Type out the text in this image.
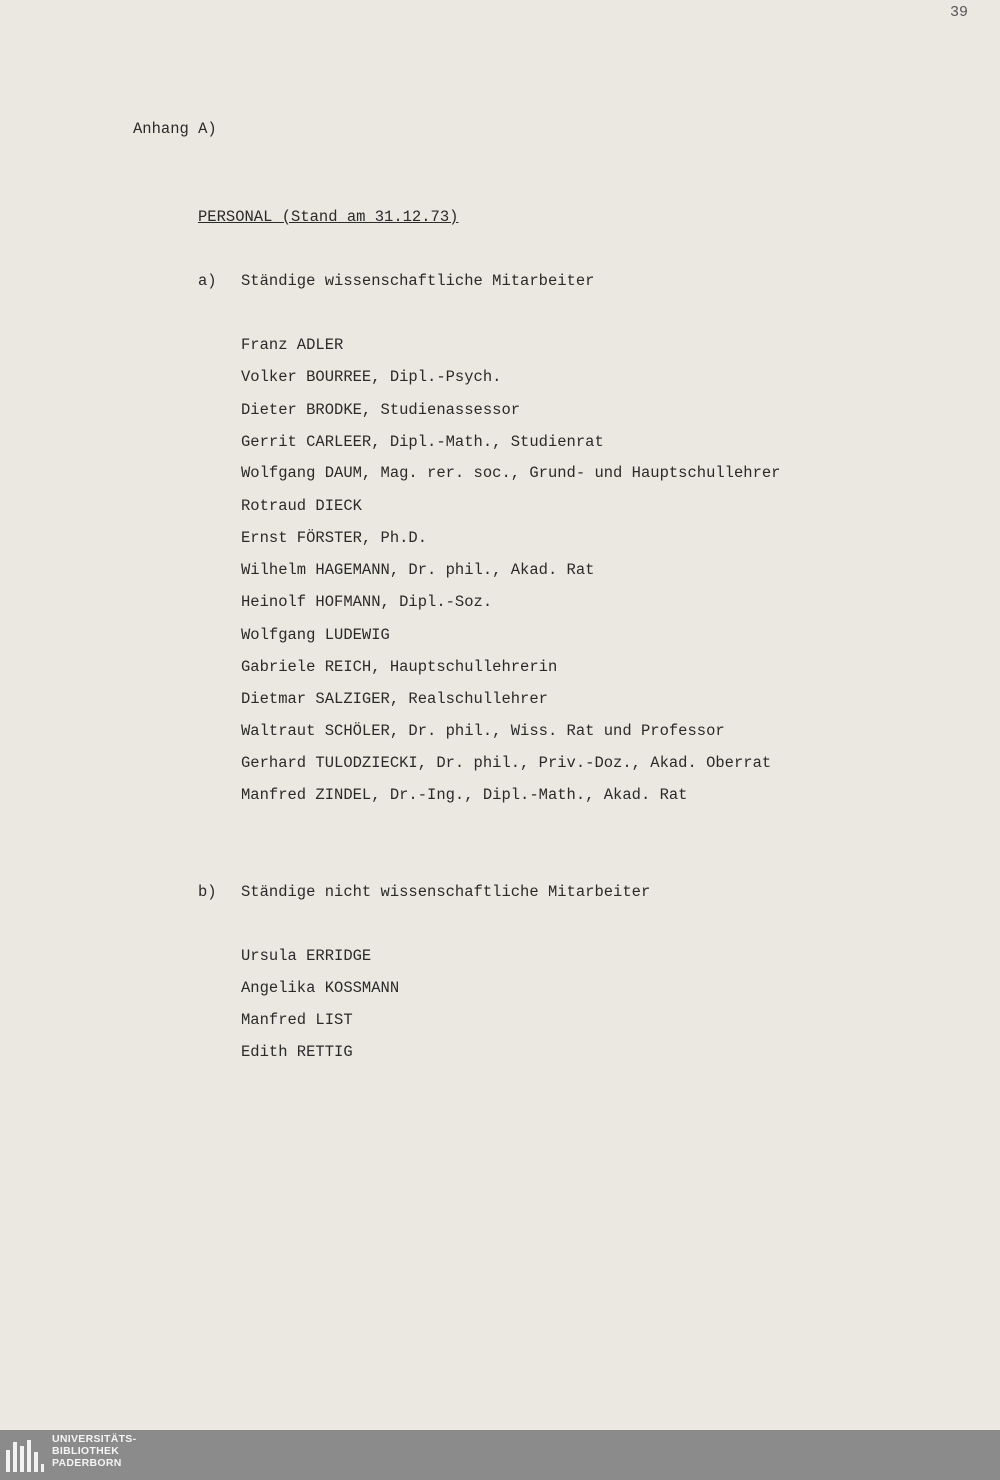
39
Anhang A)
PERSONAL (Stand am 31.12.73)
a) Ständige wissenschaftliche Mitarbeiter
Franz ADLER
Volker BOURREE, Dipl.-Psych.
Dieter BRODKE, Studienassessor
Gerrit CARLEER, Dipl.-Math., Studienrat
Wolfgang DAUM, Mag. rer. soc., Grund- und Hauptschullehrer
Rotraud DIECK
Ernst FÖRSTER, Ph.D.
Wilhelm HAGEMANN, Dr. phil., Akad. Rat
Heinolf HOFMANN, Dipl.-Soz.
Wolfgang LUDEWIG
Gabriele REICH, Hauptschullehrerin
Dietmar SALZIGER, Realschullehrer
Waltraut SCHÖLER, Dr. phil., Wiss. Rat und Professor
Gerhard TULODZIECKI, Dr. phil., Priv.-Doz., Akad. Oberrat
Manfred ZINDEL, Dr.-Ing., Dipl.-Math., Akad. Rat
b) Ständige nicht wissenschaftliche Mitarbeiter
Ursula ERRIDGE
Angelika KOSSMANN
Manfred LIST
Edith RETTIG
UNIVERSITÄTS-
BIBLIOTHEK
PADERBORN
